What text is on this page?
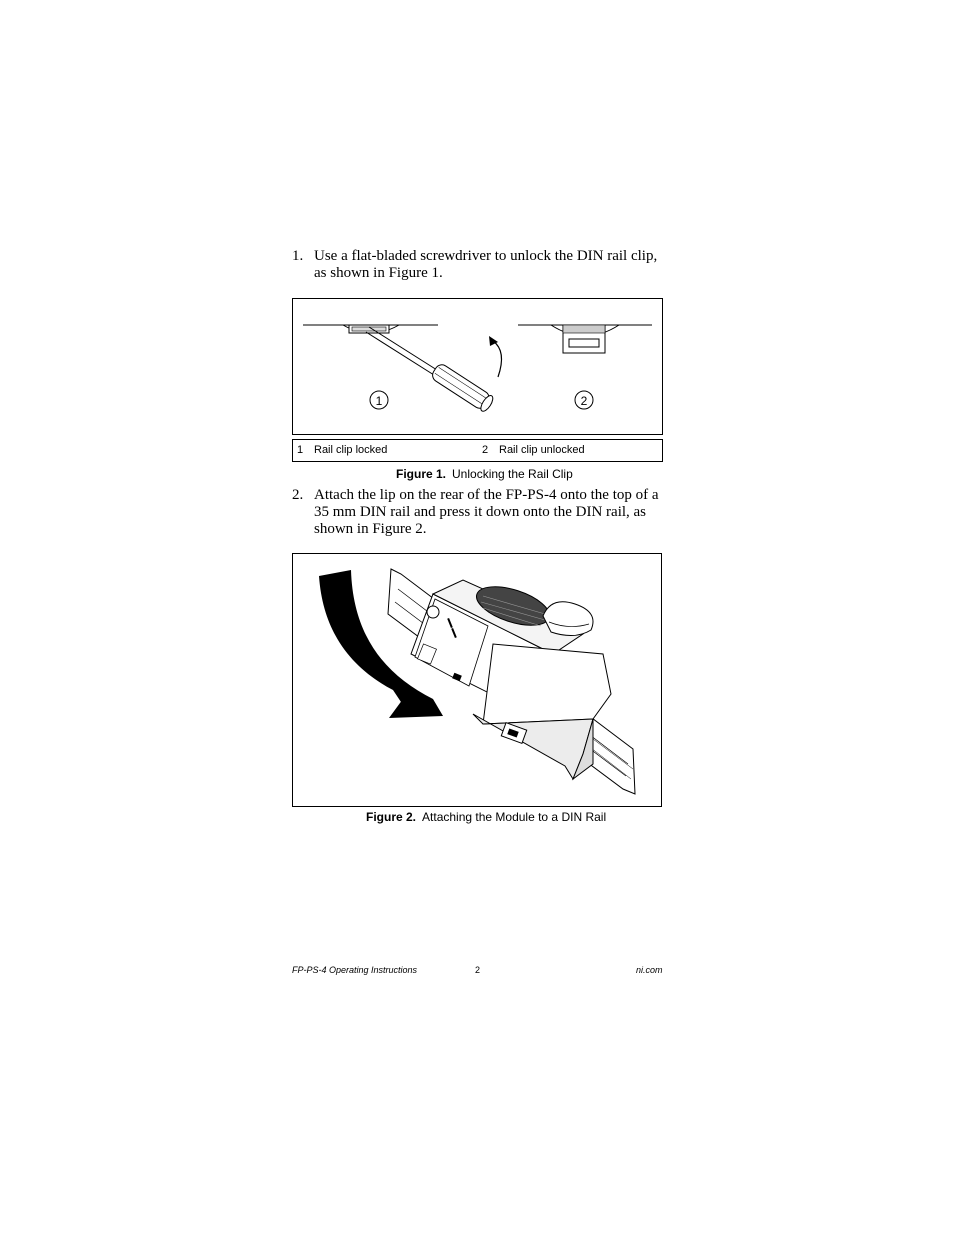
1. Use a flat-bladed screwdriver to unlock the DIN rail clip, as shown in Figure 1.
1	2
1 Rail clip locked	2 Rail clip unlocked
Figure 1. Unlocking the Rail Clip
2. Attach the lip on the rear of the FP-PS-4 onto the top of a 35 mm DIN rail and press it down onto the DIN rail, as shown in Figure 2.
Figure 2. Attaching the Module to a DIN Rail
FP-PS-4 Operating Instructions	2	ni.com
